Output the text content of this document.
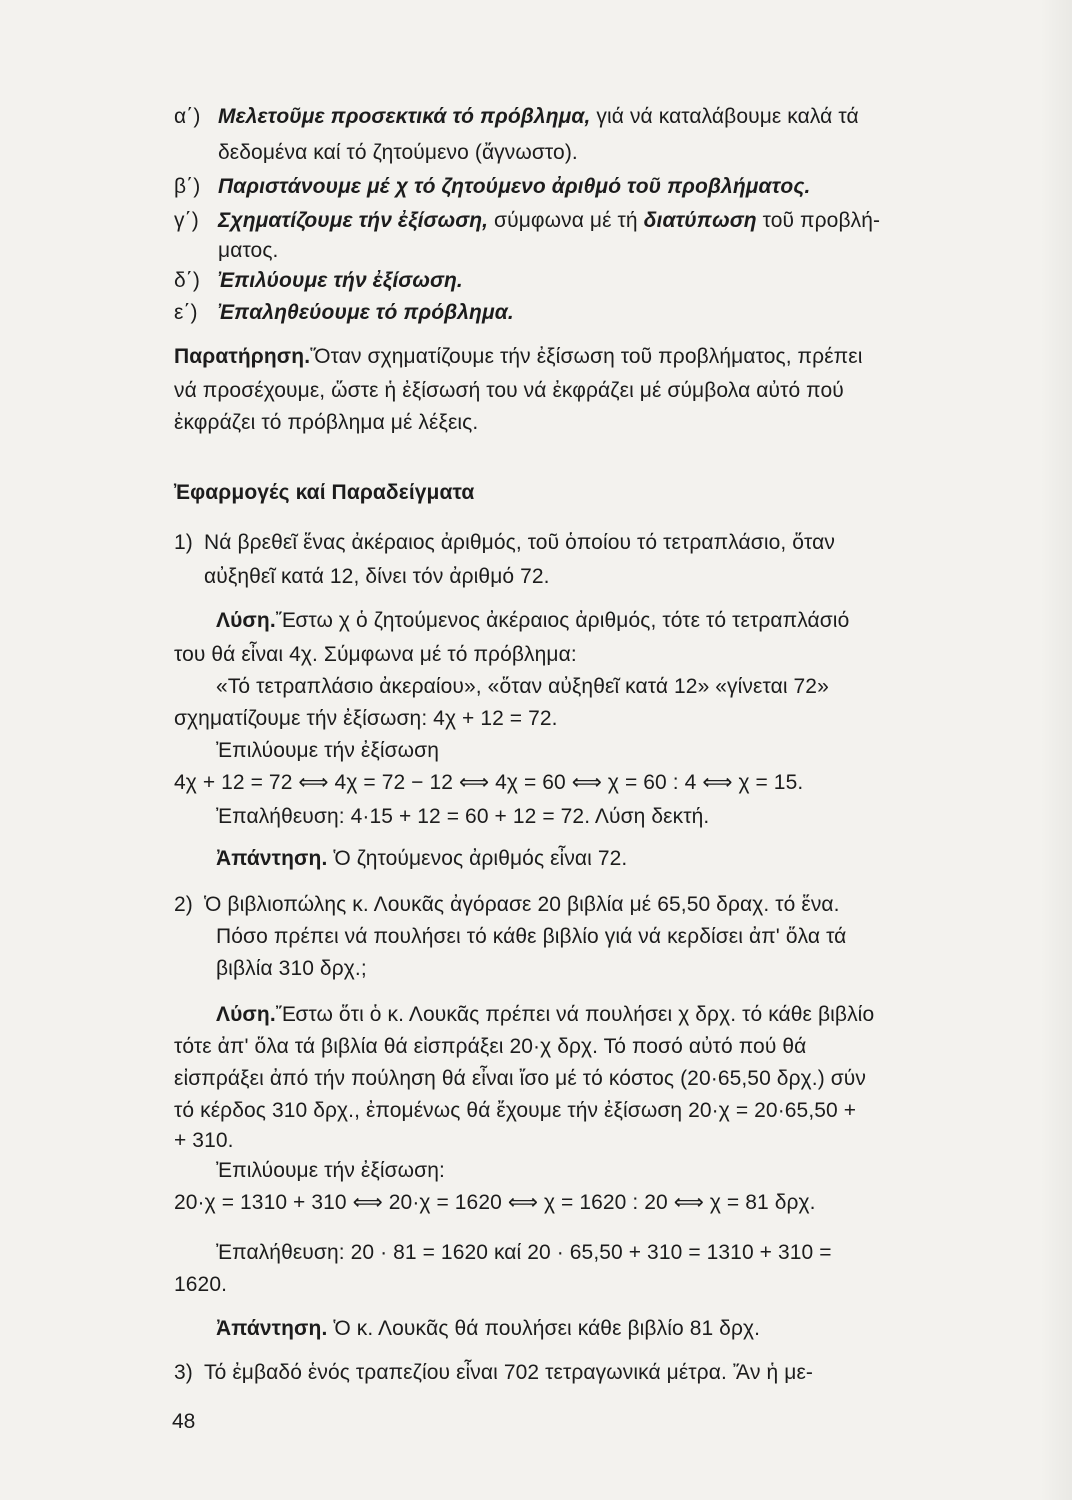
α΄) Μελετοῦμε προσεκτικά τό πρόβλημα, γιά νά καταλάβουμε καλά τά
δεδομένα καί τό ζητούμενο (ἄγνωστο).
β΄) Παριστάνουμε μέ χ τό ζητούμενο ἀριθμό τοῦ προβλήματος.
γ΄) Σχηματίζουμε τήν ἐξίσωση, σύμφωνα μέ τή διατύπωση τοῦ προβλή-
ματος.
δ΄) Ἐπιλύουμε τήν ἐξίσωση.
ε΄) Ἐπαληθεύουμε τό πρόβλημα.
Παρατήρηση.Ὅταν σχηματίζουμε τήν ἐξίσωση τοῦ προβλήματος, πρέπει
νά προσέχουμε, ὥστε ἡ ἐξίσωσή του νά ἐκφράζει μέ σύμβολα αὐτό πού
ἐκφράζει τό πρόβλημα μέ λέξεις.
Ἐφαρμογές καί Παραδείγματα
1) Νά βρεθεῖ ἕνας ἀκέραιος ἀριθμός, τοῦ ὁποίου τό τετραπλάσιο, ὅταν
αὐξηθεῖ κατά 12, δίνει τόν ἀριθμό 72.
Λύση.Ἔστω χ ὁ ζητούμενος ἀκέραιος ἀριθμός, τότε τό τετραπλάσιό
του θά εἶναι 4χ. Σύμφωνα μέ τό πρόβλημα:
«Τό τετραπλάσιο ἀκεραίου», «ὅταν αὐξηθεῖ κατά 12» «γίνεται 72»
σχηματίζουμε τήν ἐξίσωση: 4χ + 12 = 72.
Ἐπιλύουμε τήν ἐξίσωση
4χ + 12 = 72 ⟺ 4χ = 72 − 12 ⟺ 4χ = 60 ⟺ χ = 60 : 4 ⟺ χ = 15.
Ἐπαλήθευση: 4·15 + 12 = 60 + 12 = 72. Λύση δεκτή.
Ἀπάντηση. Ὁ ζητούμενος ἀριθμός εἶναι 72.
2) Ὁ βιβλιοπώλης κ. Λουκᾶς ἀγόρασε 20 βιβλία μέ 65,50 δραχ. τό ἕνα.
Πόσο πρέπει νά πουλήσει τό κάθε βιβλίο γιά νά κερδίσει ἀπ' ὅλα τά
βιβλία 310 δρχ.;
Λύση.Ἔστω ὅτι ὁ κ. Λουκᾶς πρέπει νά πουλήσει χ δρχ. τό κάθε βιβλίο
τότε ἀπ' ὅλα τά βιβλία θά εἰσπράξει 20·χ δρχ. Τό ποσό αὐτό πού θά
εἰσπράξει ἀπό τήν πούληση θά εἶναι ἴσο μέ τό κόστος (20·65,50 δρχ.) σύν
τό κέρδος 310 δρχ., ἐπομένως θά ἔχουμε τήν ἐξίσωση 20·χ = 20·65,50 +
+ 310.
Ἐπιλύουμε τήν ἐξίσωση:
20·χ = 1310 + 310 ⟺ 20·χ = 1620 ⟺ χ = 1620 : 20 ⟺ χ = 81 δρχ.
Ἐπαλήθευση: 20 · 81 = 1620 καί 20 · 65,50 + 310 = 1310 + 310 =
1620.
Ἀπάντηση. Ὁ κ. Λουκᾶς θά πουλήσει κάθε βιβλίο 81 δρχ.
3) Τό ἐμβαδό ἑνός τραπεζίου εἶναι 702 τετραγωνικά μέτρα. Ἄν ἡ με-
48
